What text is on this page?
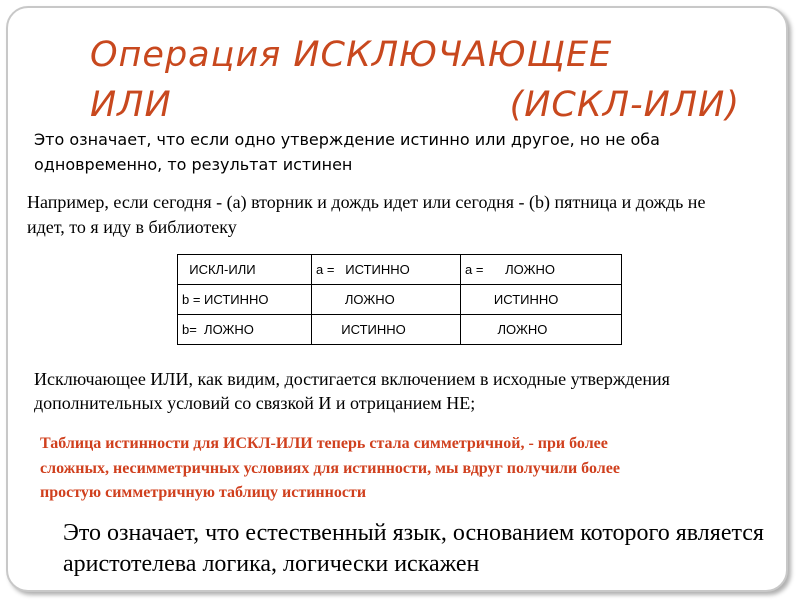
Операция ИСКЛЮЧАЮЩЕЕ
ИЛИ	(ИСКЛ-ИЛИ)
Это означает, что если одно утверждение истинно или другое, но не оба одновременно, то результат истинен
Например, если сегодня - (a) вторник и дождь идет или сегодня - (b) пятница и дождь не идет, то я иду в библиотеку
ИСКЛ-ИЛИ	a =   ИСТИННО	a =      ЛОЖНО
b = ИСТИННО	ЛОЖНО	ИСТИННО
b=  ЛОЖНО	ИСТИННО	ЛОЖНО
Исключающее ИЛИ, как видим, достигается включением в исходные утверждения дополнительных условий со связкой И и отрицанием НЕ;
Таблица истинности для ИСКЛ-ИЛИ теперь стала симметричной, - при более
сложных, несимметричных условиях для истинности, мы вдруг получили более
простую симметричную таблицу истинности
Это означает, что естественный язык, основанием которого является аристотелева логика, логически искажен
